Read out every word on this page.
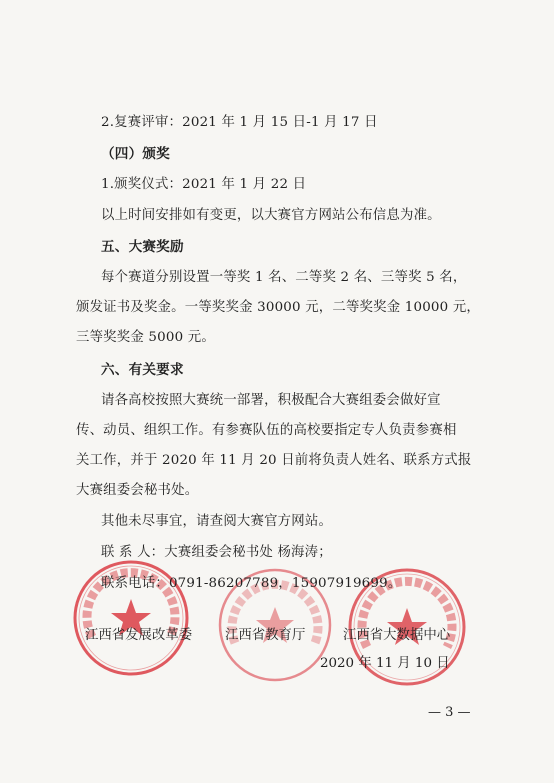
2.复赛评审：2021 年 1 月 15 日-1 月 17 日
（四）颁奖
1.颁奖仪式：2021 年 1 月 22 日
以上时间安排如有变更，以大赛官方网站公布信息为准。
五、大赛奖励
每个赛道分别设置一等奖 1 名、二等奖 2 名、三等奖 5 名，
颁发证书及奖金。一等奖奖金 30000 元，二等奖奖金 10000 元，
三等奖奖金 5000 元。
六、有关要求
请各高校按照大赛统一部署，积极配合大赛组委会做好宣
传、动员、组织工作。有参赛队伍的高校要指定专人负责参赛相
关工作，并于 2020 年 11 月 20 日前将负责人姓名、联系方式报
大赛组委会秘书处。
其他未尽事宜，请查阅大赛官方网站。
联 系 人：大赛组委会秘书处 杨海涛；
联系电话：0791-86207789，15907919699。
江西省发展改革委 江西省教育厅	江西省大数据中心
2020 年 11 月 10 日
— 3 —
